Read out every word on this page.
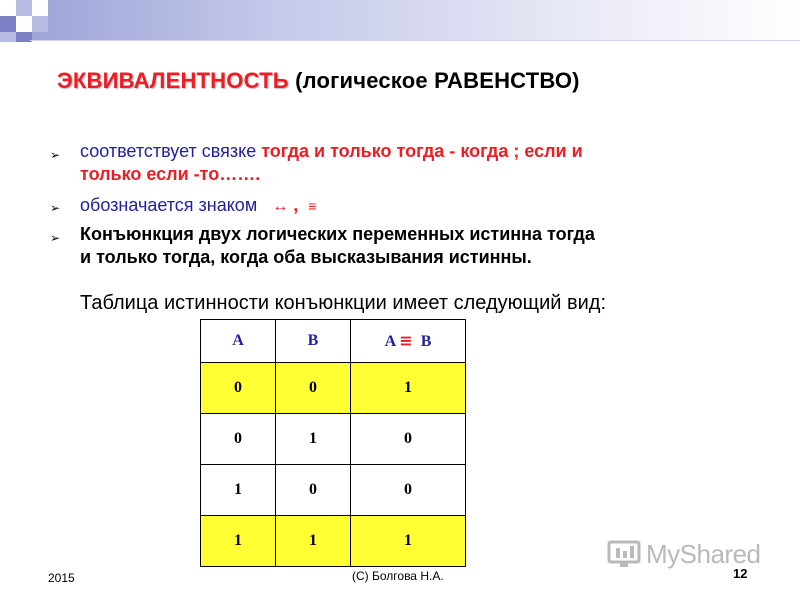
ЭКВИВАЛЕНТНОСТЬ (логическое РАВЕНСТВО)
➢ соответствует связке тогда и только тогда - когда ; если и
только если -то…….
➢ обозначается знаком ↔ , ≡
➢ Конъюнкция двух логических переменных истинна тогда
и только тогда, когда оба высказывания истинны.
Таблица истинности конъюнкции имеет следующий вид:
A	B	A ≡ B
0	0	1
0	1	0
1	0	0
1	1	1	MyShared
2015	(С) Болгова Н.А.	12
